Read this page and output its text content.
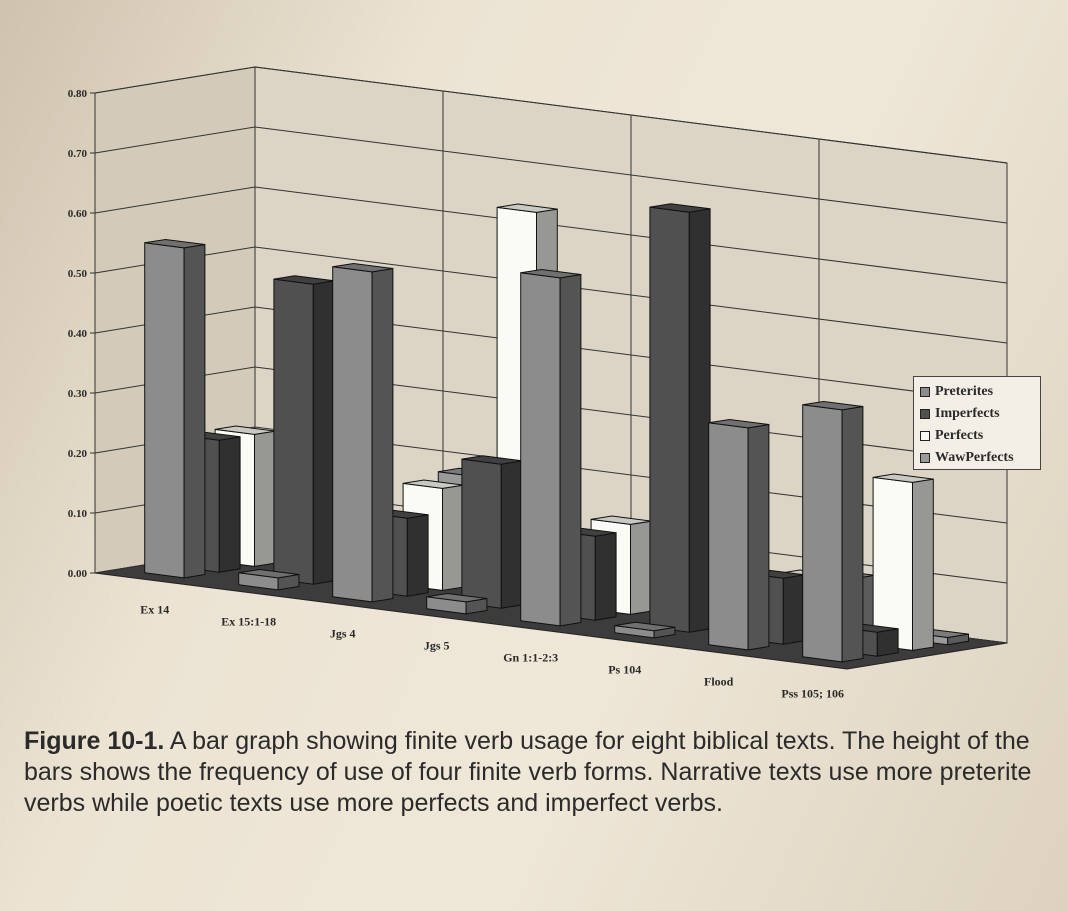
0.00
0.10
0.20
0.30
0.40
0.50
0.60
0.70
0.80
Ex 14
Ex 15:1-18
Jgs 4
Jgs 5
Gn 1:1-2:3
Ps 104
Flood
Pss 105; 106
Preterites
Imperfects
Perfects
WawPerfects
Figure 10-1. A bar graph showing finite verb usage for eight biblical texts. The height of the bars shows the frequency of use of four finite verb forms. Narrative texts use more preterite verbs while poetic texts use more perfects and imperfect verbs.
